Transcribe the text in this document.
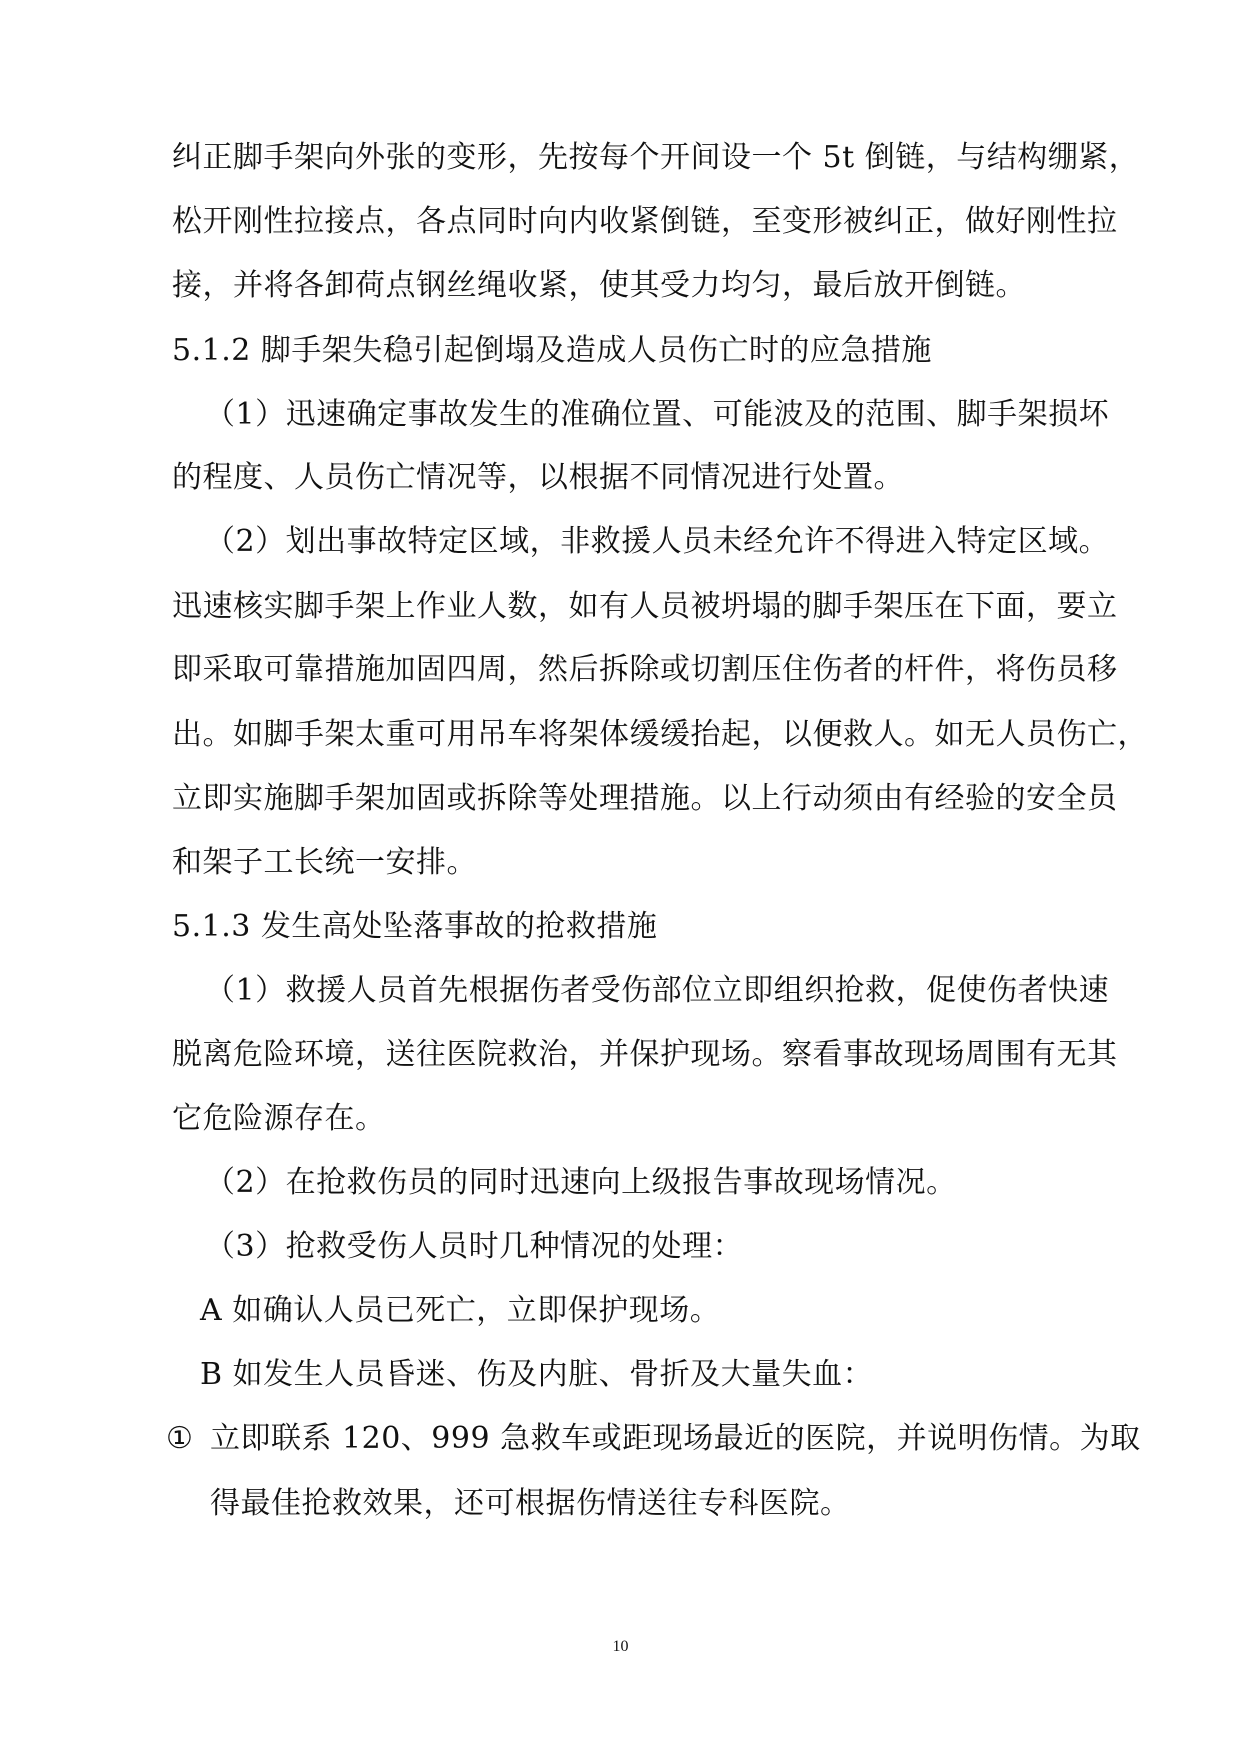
纠正脚手架向外张的变形，先按每个开间设一个 5t 倒链，与结构绷紧，
松开刚性拉接点，各点同时向内收紧倒链，至变形被纠正，做好刚性拉
接，并将各卸荷点钢丝绳收紧，使其受力均匀，最后放开倒链。
5.1.2 脚手架失稳引起倒塌及造成人员伤亡时的应急措施
（1）迅速确定事故发生的准确位置、可能波及的范围、脚手架损坏
的程度、人员伤亡情况等，以根据不同情况进行处置。
（2）划出事故特定区域，非救援人员未经允许不得进入特定区域。
迅速核实脚手架上作业人数，如有人员被坍塌的脚手架压在下面，要立
即采取可靠措施加固四周，然后拆除或切割压住伤者的杆件，将伤员移
出。如脚手架太重可用吊车将架体缓缓抬起，以便救人。如无人员伤亡，
立即实施脚手架加固或拆除等处理措施。以上行动须由有经验的安全员
和架子工长统一安排。
5.1.3 发生高处坠落事故的抢救措施
（1）救援人员首先根据伤者受伤部位立即组织抢救，促使伤者快速
脱离危险环境，送往医院救治，并保护现场。察看事故现场周围有无其
它危险源存在。
（2）在抢救伤员的同时迅速向上级报告事故现场情况。
（3）抢救受伤人员时几种情况的处理：
A 如确认人员已死亡，立即保护现场。
B 如发生人员昏迷、伤及内脏、骨折及大量失血：
① 立即联系 120、999 急救车或距现场最近的医院，并说明伤情。为取
得最佳抢救效果，还可根据伤情送往专科医院。
10
